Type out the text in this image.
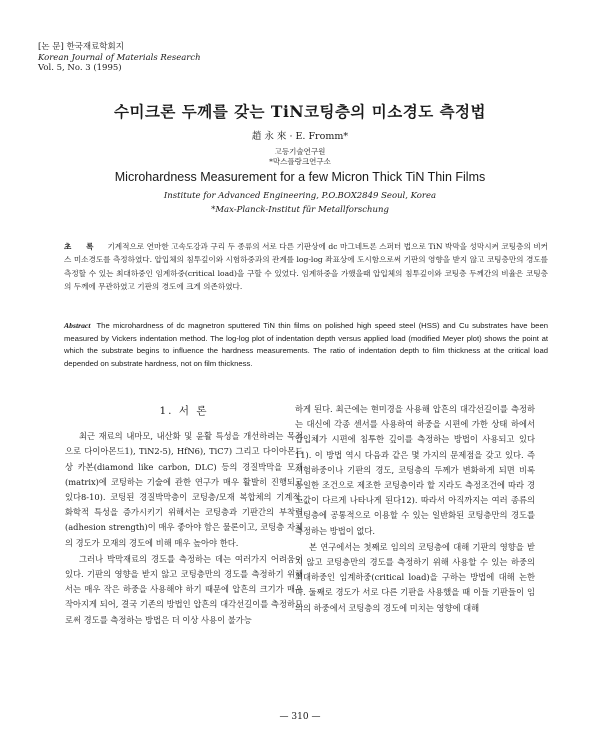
[논 문] 한국재료학회지
Korean Journal of Materials Research
Vol. 5, No. 3 (1995)
수미크론 두께를 갖는 TiN코팅층의 미소경도 측정법
趙 永 來 · E. Fromm*
고등기술연구원
*막스플랑크연구소
Microhardness Measurement for a few Micron Thick TiN Thin Films
Institute for Advanced Engineering, P.O.BOX2849 Seoul, Korea
*Max-Planck-Institut für Metallforschung
초 록 기계적으로 연마한 고속도강과 구리 두 종류의 서로 다른 기판상에 dc 마그네트론 스퍼터 법으로 TiN 박막을 성막시켜 코팅층의 비커스 미소경도를 측정하였다. 압입체의 침투깊이와 시험하중과의 관계를 log-log 좌표상에 도시함으로써 기판의 영향을 받지 않고 코팅층만의 경도를 측정할 수 있는 최대하중인 임계하중(critical load)을 구할 수 있었다. 임계하중을 가했을때 압입체의 침투깊이와 코팅층 두께간의 비율은 코팅층의 두께에 무관하였고 기판의 경도에 크게 의존하였다.
Abstract The microhardness of dc magnetron sputtered TiN thin films on polished high speed steel (HSS) and Cu substrates have been measured by Vickers indentation method. The log-log plot of indentation depth versus applied load (modified Meyer plot) shows the point at which the substrate begins to influence the hardness measurements. The ratio of indentation depth to film thickness at the critical load depended on substrate hardness, not on film thickness.
1. 서 론

최근 재료의 내마모, 내산화 및 윤활 특성을 개선하려는 목적으로 다이아몬드1), TiN2-5), HfN6), TiC7) 그리고 다이아몬드상 카본(diamond like carbon, DLC) 등의 경질박막을 모재(matrix)에 코팅하는 기술에 관한 연구가 매우 활발히 진행되고 있다8-10). 코팅된 경질박막층이 코팅층/모재 복합체의 기계적, 화학적 특성을 증가시키기 위해서는 코팅층과 기판간의 부착력(adhesion strength)이 매우 좋아야 함은 물론이고, 코팅층 자체의 경도가 모재의 경도에 비해 매우 높아야 한다.

그러나 박막재료의 경도를 측정하는 데는 여러가지 어려움이 있다. 기판의 영향을 받지 않고 코팅층만의 경도를 측정하기 위해서는 매우 작은 하중을 사용해야 하기 때문에 압흔의 크기가 매우 작아지게 되어, 결국 기존의 방법인 압흔의 대각선길이를 측정하므로써 경도를 측정하는 방법은 더 이상 사용이 불가능

하게 된다. 최근에는 현미경을 사용해 압흔의 대각선길이를 측정하는 대신에 각종 센서를 사용하여 하중을 시편에 가한 상태 하에서 압입체가 시편에 침투한 깊이를 측정하는 방법이 사용되고 있다11). 이 방법 역시 다음과 같은 몇 가지의 문제점을 갖고 있다. 즉 시험하중이나 기판의 경도, 코팅층의 두께가 변화하게 되면 비록 동일한 조건으로 제조한 코팅층이라 할 지라도 측정조건에 따라 경도값이 다르게 나타나게 된다12). 따라서 아직까지는 여러 종류의 코팅층에 공통적으로 이용할 수 있는 일반화된 코팅층만의 경도를 측정하는 방법이 없다.

본 연구에서는 첫째로 임의의 코팅층에 대해 기판의 영향을 받지 않고 코팅층만의 경도를 측정하기 위해 사용할 수 있는 하중의 최대하중인 임계하중(critical load)을 구하는 방법에 대해 논한다. 둘째로 경도가 서로 다른 기판을 사용했을 때 이들 기판들이 임의의 하중에서 코팅층의 경도에 미치는 영향에 대해

— 310 —
